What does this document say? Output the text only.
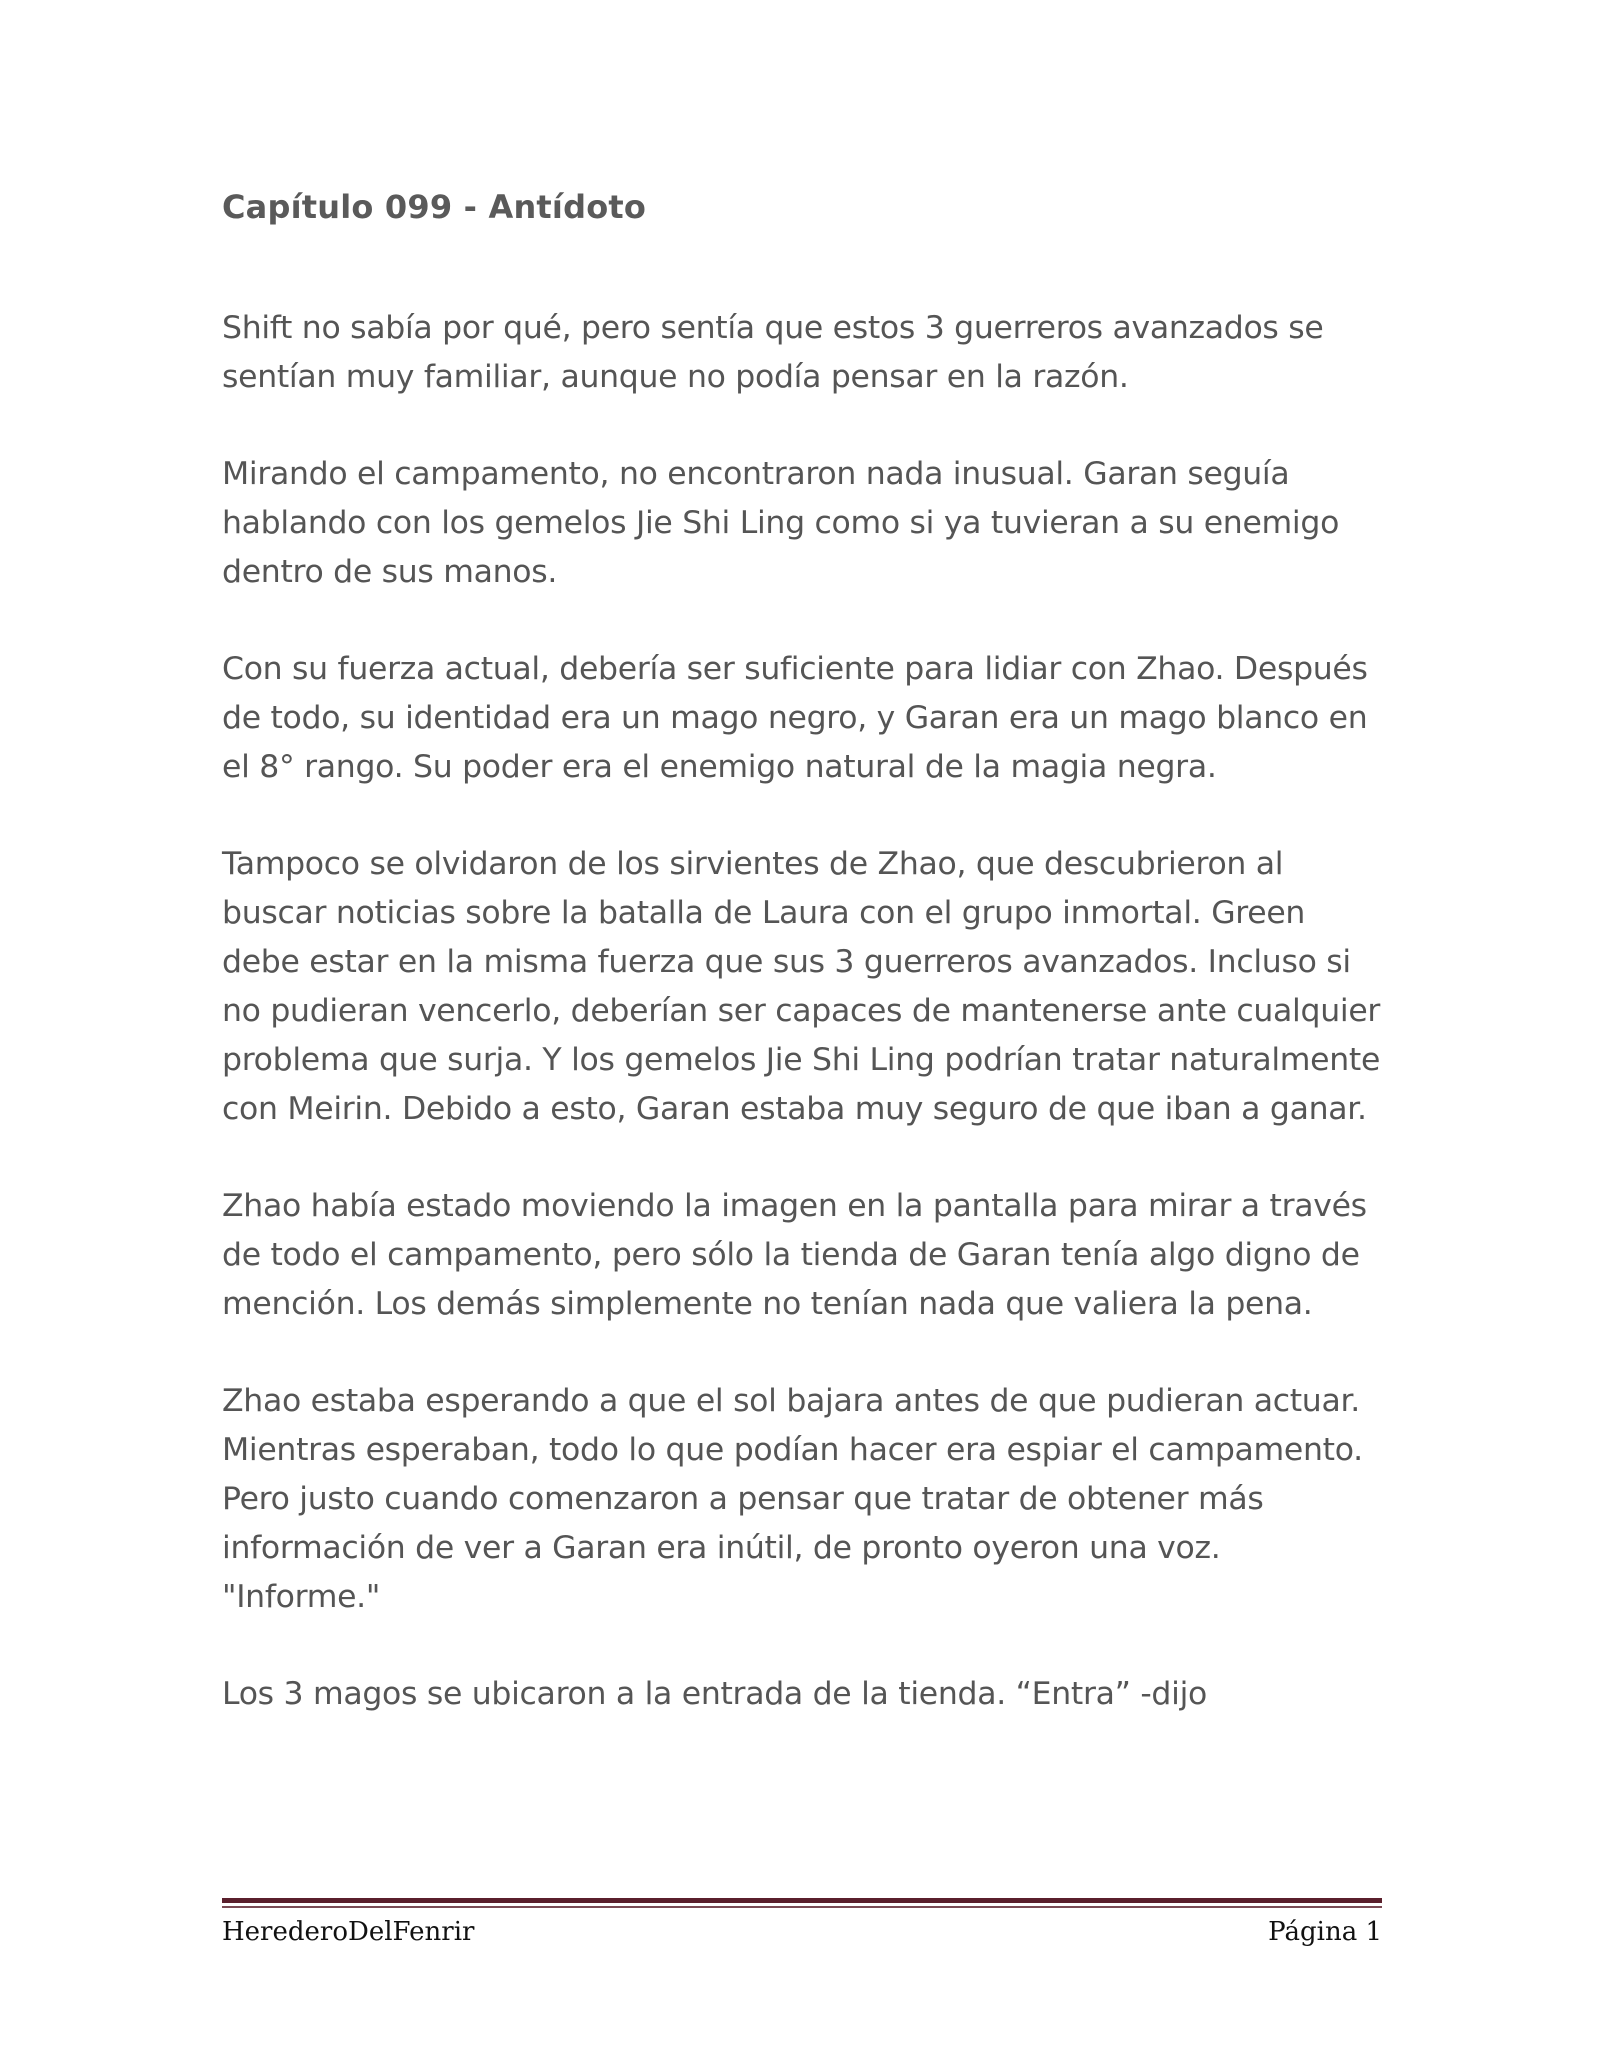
Capítulo 099 - Antídoto

Shift no sabía por qué, pero sentía que estos 3 guerreros avanzados se sentían muy familiar, aunque no podía pensar en la razón.

Mirando el campamento, no encontraron nada inusual. Garan seguía hablando con los gemelos Jie Shi Ling como si ya tuvieran a su enemigo dentro de sus manos.

Con su fuerza actual, debería ser suficiente para lidiar con Zhao. Después de todo, su identidad era un mago negro, y Garan era un mago blanco en el 8° rango. Su poder era el enemigo natural de la magia negra.

Tampoco se olvidaron de los sirvientes de Zhao, que descubrieron al buscar noticias sobre la batalla de Laura con el grupo inmortal. Green debe estar en la misma fuerza que sus 3 guerreros avanzados. Incluso si no pudieran vencerlo, deberían ser capaces de mantenerse ante cualquier problema que surja. Y los gemelos Jie Shi Ling podrían tratar naturalmente con Meirin. Debido a esto, Garan estaba muy seguro de que iban a ganar.

Zhao había estado moviendo la imagen en la pantalla para mirar a través de todo el campamento, pero sólo la tienda de Garan tenía algo digno de mención. Los demás simplemente no tenían nada que valiera la pena.

Zhao estaba esperando a que el sol bajara antes de que pudieran actuar. Mientras esperaban, todo lo que podían hacer era espiar el campamento. Pero justo cuando comenzaron a pensar que tratar de obtener más información de ver a Garan era inútil, de pronto oyeron una voz. "Informe."

Los 3 magos se ubicaron a la entrada de la tienda. “Entra” -dijo

HerederoDelFenrir	Página 1
